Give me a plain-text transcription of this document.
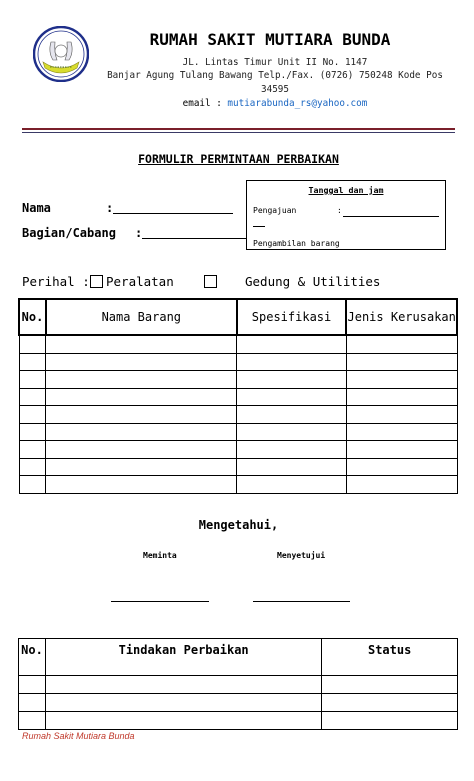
RUMAH SAKIT MUTIARA BUNDA
JL. Lintas Timur Unit II No. 1147
Banjar Agung Tulang Bawang Telp./Fax. (0726) 750248 Kode Pos
34595
email : mutiarabunda_rs@yahoo.com
FORMULIR PERMINTAAN PERBAIKAN
Nama	:
Bagian/Cabang :
Tanggal dan jam
Pengajuan	:
Pengambilan barang
Perihal : Peralatan	Gedung & Utilities
No.	Nama Barang	Spesifikasi	Jenis Kerusakan

Mengetahui,
Meminta	Menyetujui
No.	Tindakan Perbaikan	Status

Rumah Sakit Mutiara Bunda
